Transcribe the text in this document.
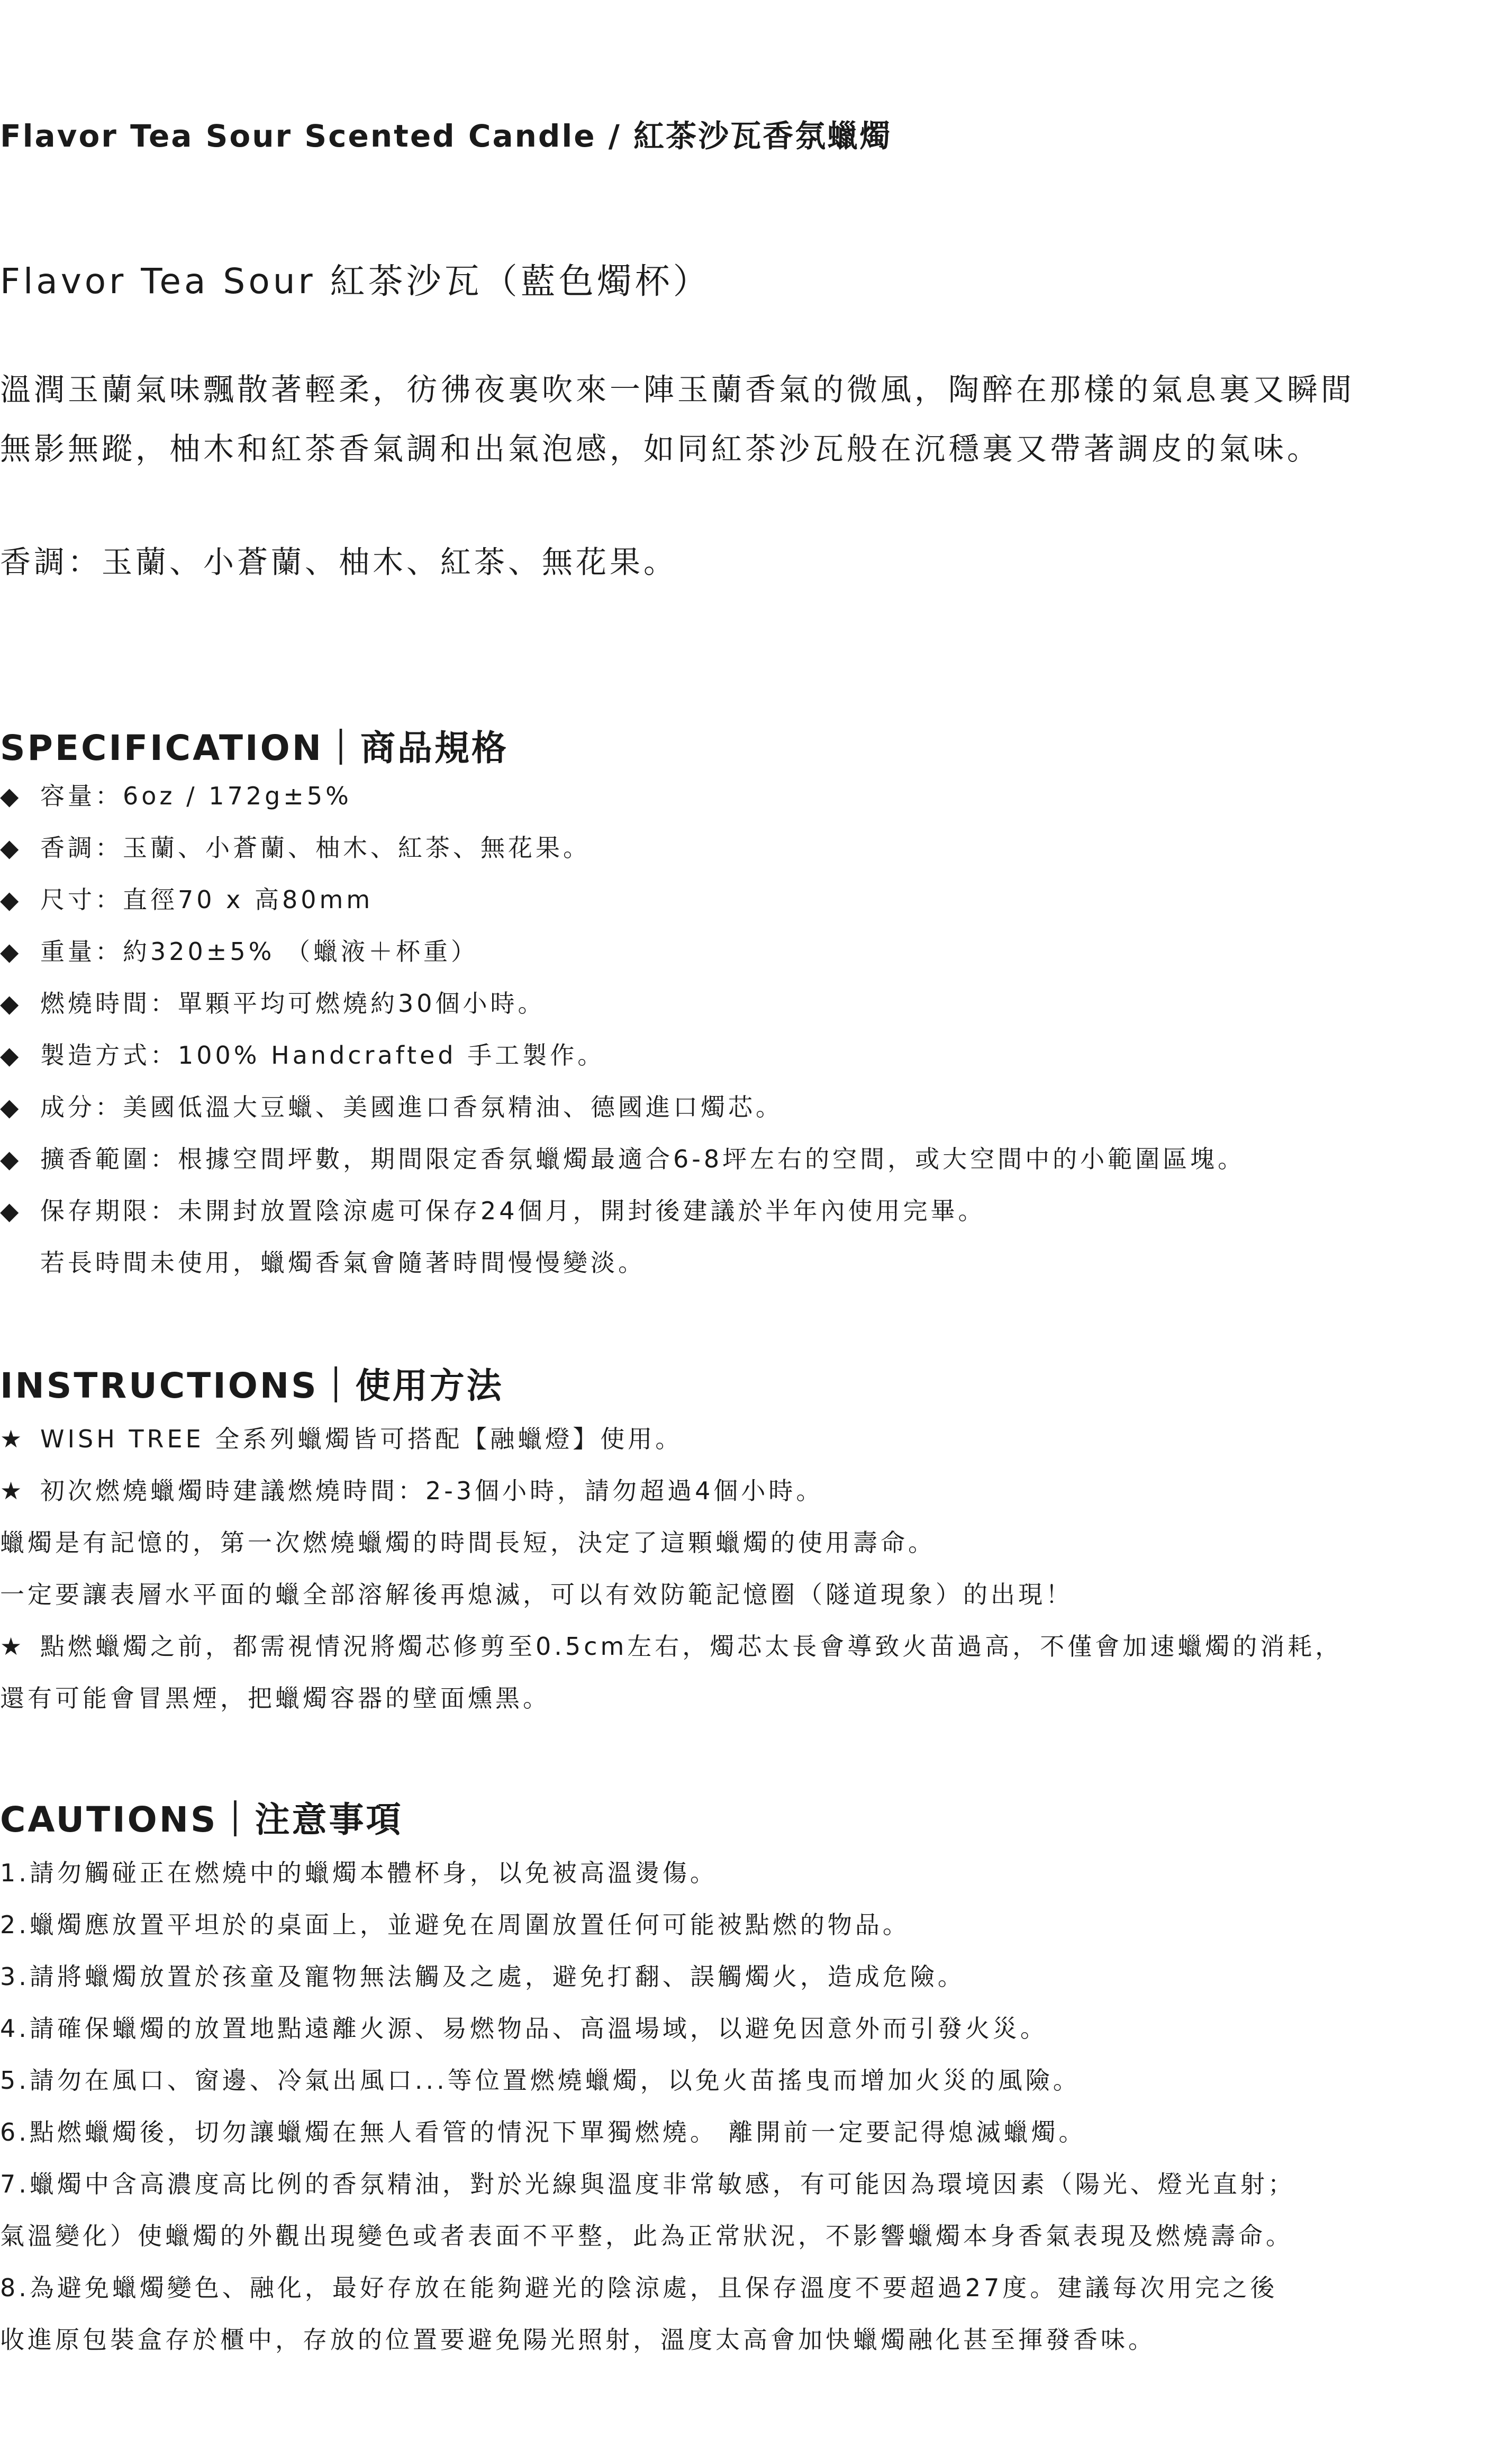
Flavor Tea Sour Scented Candle / 紅茶沙瓦香氛蠟燭
Flavor Tea Sour 紅茶沙瓦（藍色燭杯）
溫潤玉蘭氣味飄散著輕柔，彷彿夜裏吹來一陣玉蘭香氣的微風，陶醉在那樣的氣息裏又瞬間
無影無蹤，柚木和紅茶香氣調和出氣泡感，如同紅茶沙瓦般在沉穩裏又帶著調皮的氣味。
香調：玉蘭、小蒼蘭、柚木、紅茶、無花果。
SPECIFICATION｜商品規格
◆ 容量：6oz / 172g±5%
◆ 香調：玉蘭、小蒼蘭、柚木、紅茶、無花果。
◆ 尺寸：直徑70 x 高80mm
◆ 重量：約320±5% （蠟液＋杯重）
◆ 燃燒時間：單顆平均可燃燒約30個小時。
◆ 製造方式：100% Handcrafted 手工製作。
◆ 成分：美國低溫大豆蠟、美國進口香氛精油、德國進口燭芯。
◆ 擴香範圍：根據空間坪數，期間限定香氛蠟燭最適合6-8坪左右的空間，或大空間中的小範圍區塊。
◆ 保存期限：未開封放置陰涼處可保存24個月，開封後建議於半年內使用完畢。
若長時間未使用，蠟燭香氣會隨著時間慢慢變淡。
INSTRUCTIONS｜使用方法
★ WISH TREE 全系列蠟燭皆可搭配【融蠟燈】使用。
★ 初次燃燒蠟燭時建議燃燒時間：2-3個小時，請勿超過4個小時。
蠟燭是有記憶的，第一次燃燒蠟燭的時間長短，決定了這顆蠟燭的使用壽命。
一定要讓表層水平面的蠟全部溶解後再熄滅，可以有效防範記憶圈（隧道現象）的出現！
★ 點燃蠟燭之前，都需視情況將燭芯修剪至0.5cm左右，燭芯太長會導致火苗過高，不僅會加速蠟燭的消耗，
還有可能會冒黑煙，把蠟燭容器的壁面燻黑。
CAUTIONS｜注意事項
1.請勿觸碰正在燃燒中的蠟燭本體杯身，以免被高溫燙傷。
2.蠟燭應放置平坦於的桌面上，並避免在周圍放置任何可能被點燃的物品。
3.請將蠟燭放置於孩童及寵物無法觸及之處，避免打翻、誤觸燭火，造成危險。
4.請確保蠟燭的放置地點遠離火源、易燃物品、高溫場域，以避免因意外而引發火災。
5.請勿在風口、窗邊、冷氣出風口...等位置燃燒蠟燭，以免火苗搖曳而增加火災的風險。
6.點燃蠟燭後，切勿讓蠟燭在無人看管的情況下單獨燃燒。 離開前一定要記得熄滅蠟燭。
7.蠟燭中含高濃度高比例的香氛精油，對於光線與溫度非常敏感，有可能因為環境因素（陽光、燈光直射；
氣溫變化）使蠟燭的外觀出現變色或者表面不平整，此為正常狀況，不影響蠟燭本身香氣表現及燃燒壽命。
8.為避免蠟燭變色、融化，最好存放在能夠避光的陰涼處，且保存溫度不要超過27度。建議每次用完之後
收進原包裝盒存於櫃中，存放的位置要避免陽光照射，溫度太高會加快蠟燭融化甚至揮發香味。
